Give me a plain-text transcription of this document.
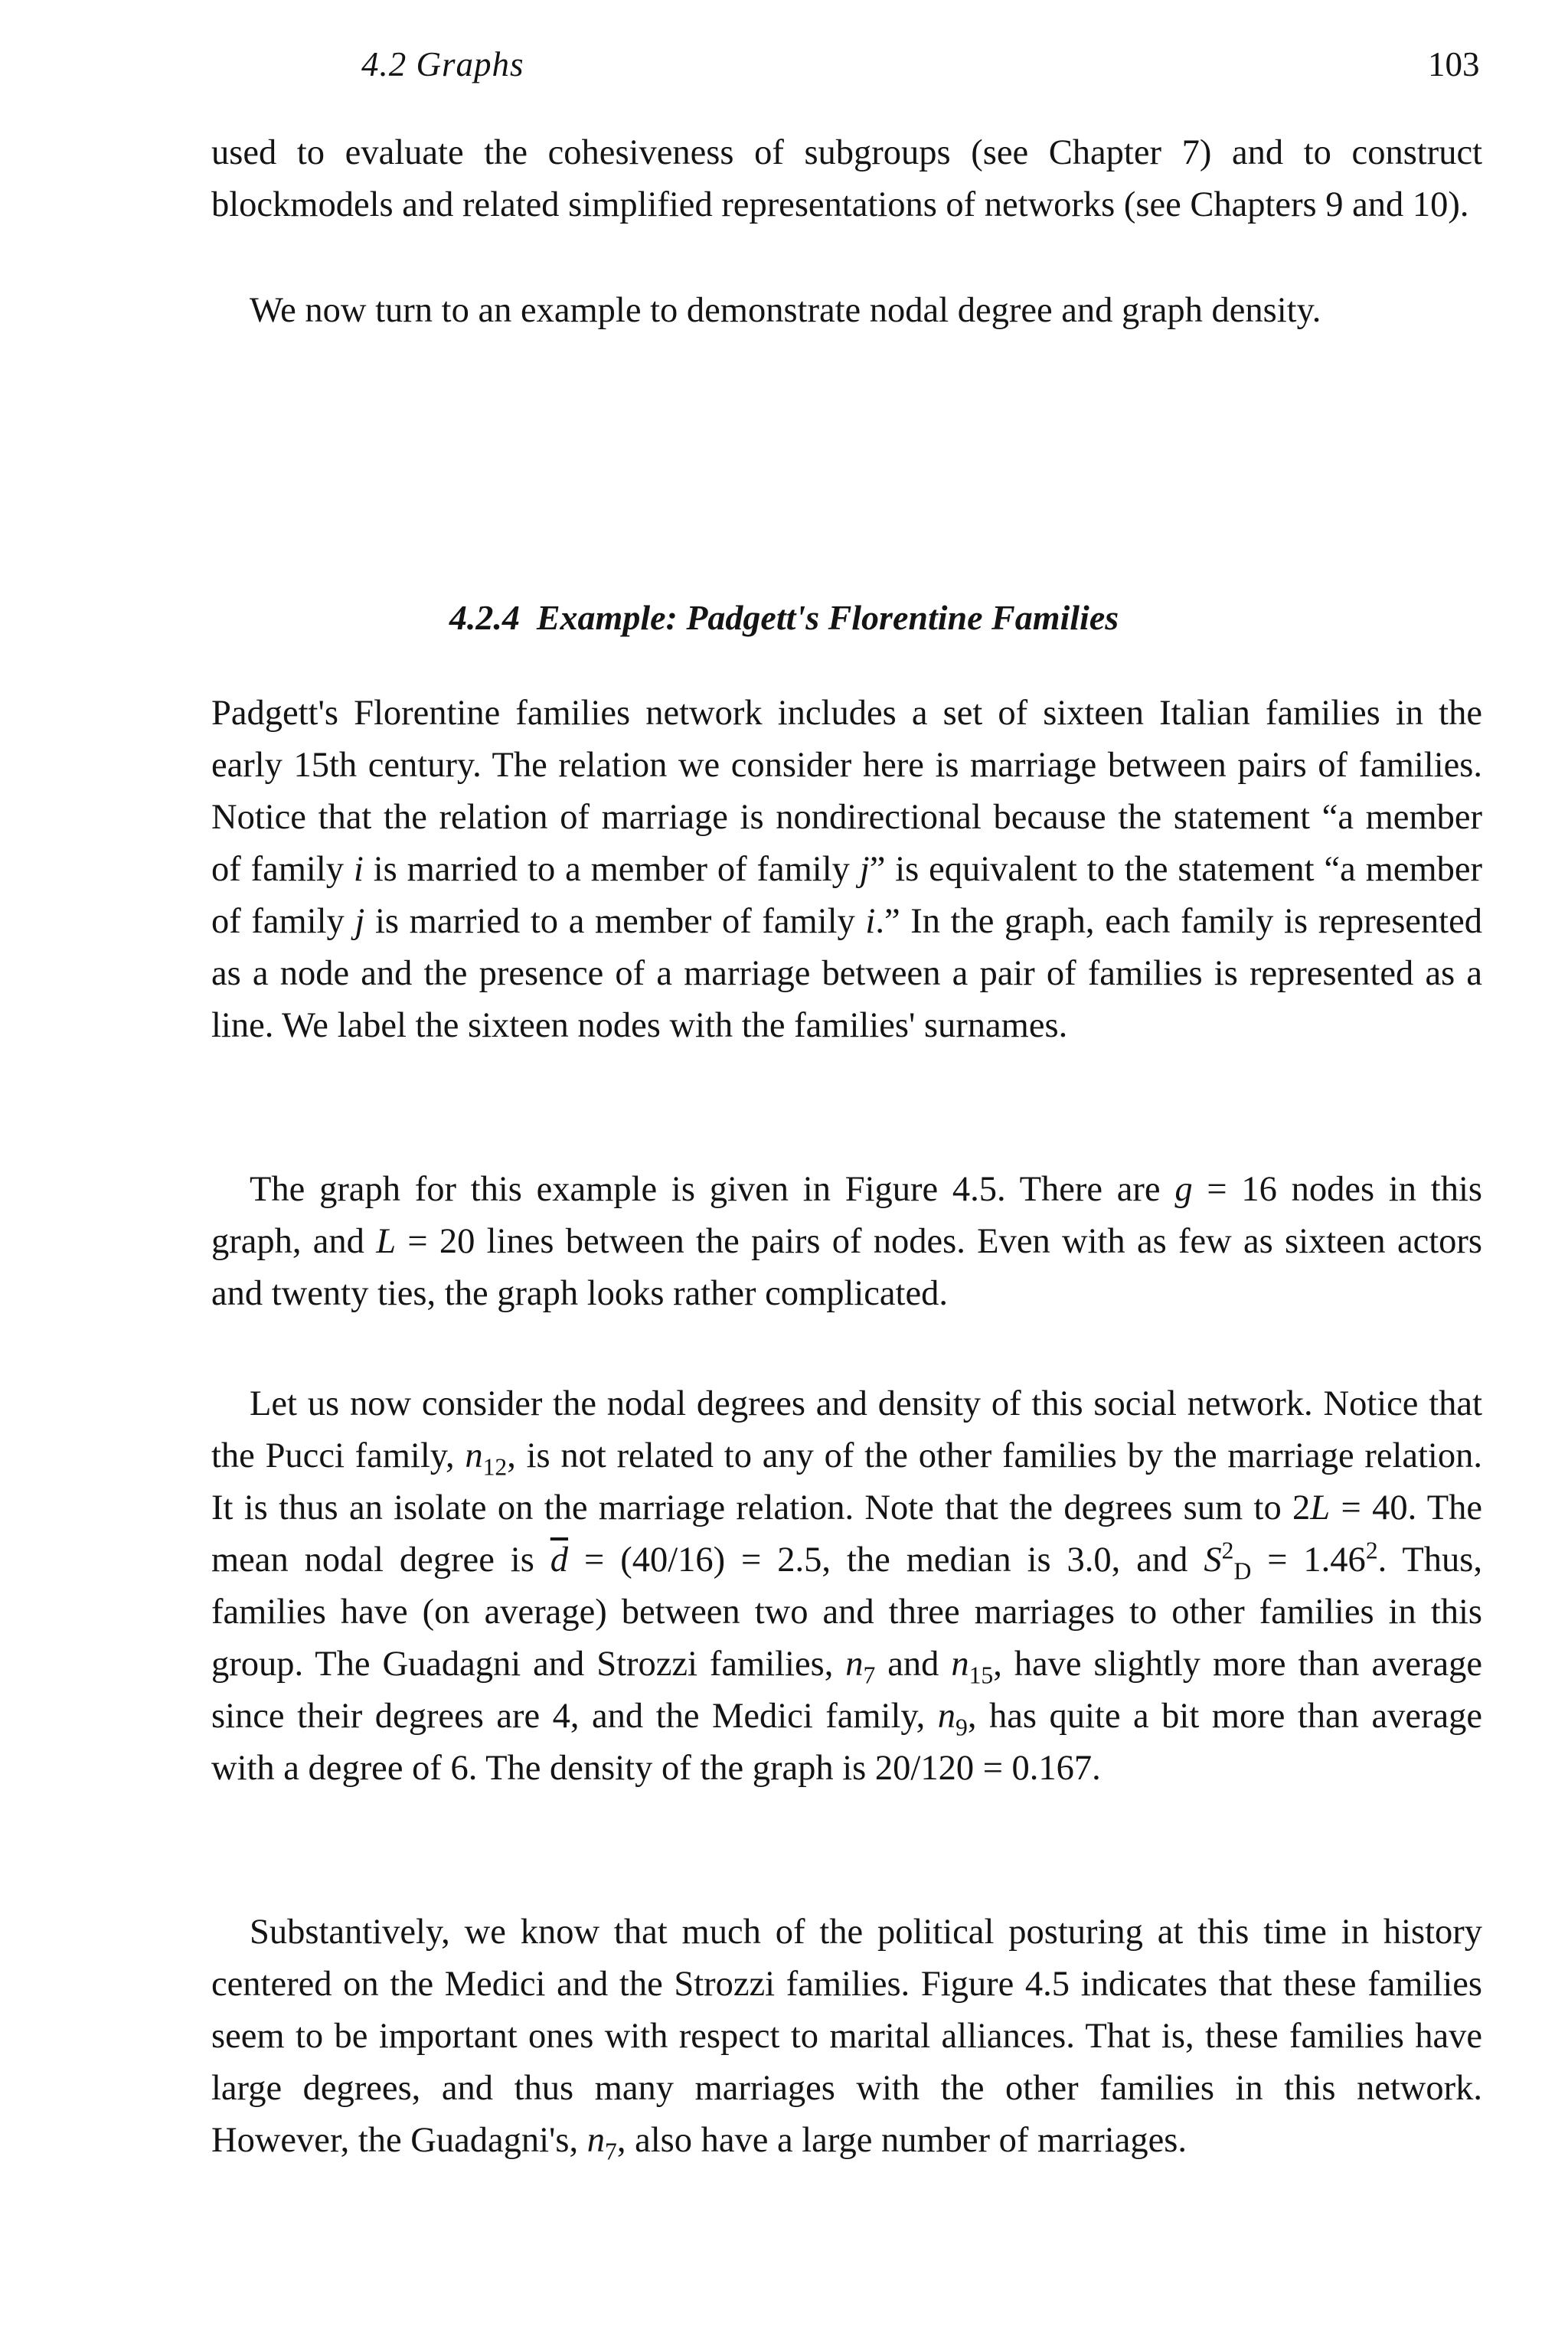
4.2 Graphs	103

used to evaluate the cohesiveness of subgroups (see Chapter 7) and to construct blockmodels and related simplified representations of networks (see Chapters 9 and 10).

We now turn to an example to demonstrate nodal degree and graph density.

4.2.4 Example: Padgett's Florentine Families

Padgett's Florentine families network includes a set of sixteen Italian families in the early 15th century. The relation we consider here is marriage between pairs of families. Notice that the relation of marriage is nondirectional because the statement “a member of family i is married to a member of family j” is equivalent to the statement “a member of family j is married to a member of family i.” In the graph, each family is represented as a node and the presence of a marriage between a pair of families is represented as a line. We label the sixteen nodes with the families' surnames.

The graph for this example is given in Figure 4.5. There are g = 16 nodes in this graph, and L = 20 lines between the pairs of nodes. Even with as few as sixteen actors and twenty ties, the graph looks rather complicated.

Let us now consider the nodal degrees and density of this social network. Notice that the Pucci family, $n_{12}$, is not related to any of the other families by the marriage relation. It is thus an isolate on the marriage relation. Note that the degrees sum to 2L = 40. The mean nodal degree is $\overline{d} = (40/16) = 2.5$, the median is 3.0, and $S^2_D = 1.46^2$. Thus, families have (on average) between two and three marriages to other families in this group. The Guadagni and Strozzi families, $n_7$ and $n_{15}$, have slightly more than average since their degrees are 4, and the Medici family, $n_9$, has quite a bit more than average with a degree of 6. The density of the graph is 20/120 = 0.167.

Substantively, we know that much of the political posturing at this time in history centered on the Medici and the Strozzi families. Figure 4.5 indicates that these families seem to be important ones with respect to marital alliances. That is, these families have large degrees, and thus many marriages with the other families in this network. However, the Guadagni's, $n_7$, also have a large number of marriages.
